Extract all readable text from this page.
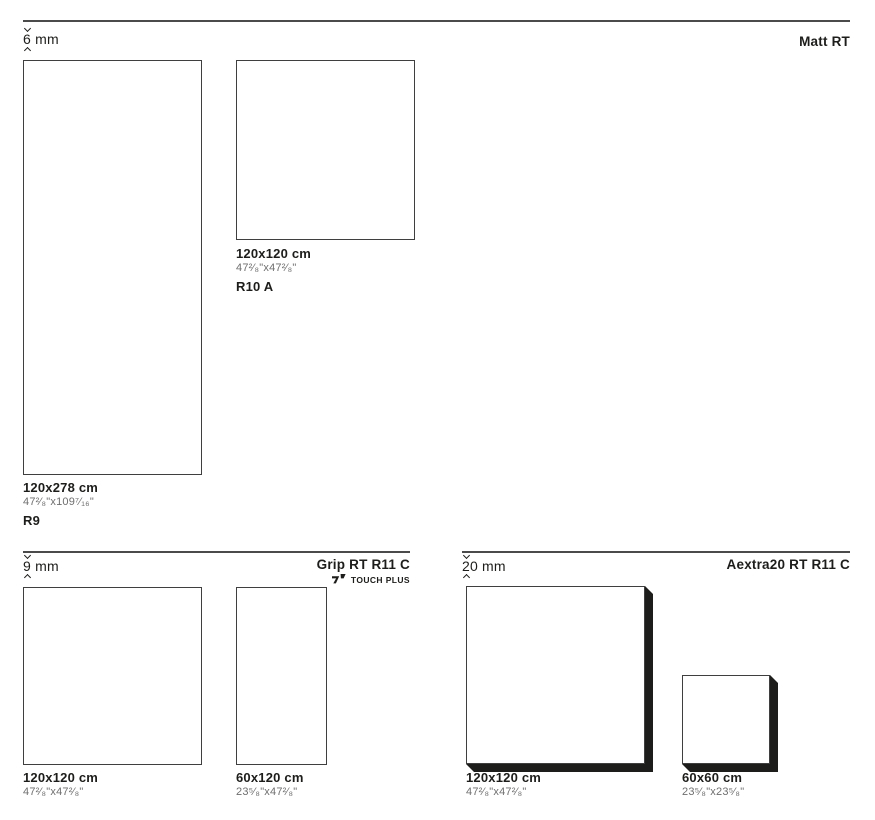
6 mm	Matt RT
120x278 cm
47²⁄₈"x109⁷⁄₁₆"
R9
120x120 cm
47²⁄₈"x47²⁄₈"
R10 A
9 mm	Grip RT R11 C
TOUCH PLUS
120x120 cm
47²⁄₈"x47²⁄₈"
60x120 cm
23⁵⁄₈"x47²⁄₈"
20 mm	Aextra20 RT R11 C
120x120 cm
47²⁄₈"x47²⁄₈"
60x60 cm
23⁵⁄₈"x23⁵⁄₈"
